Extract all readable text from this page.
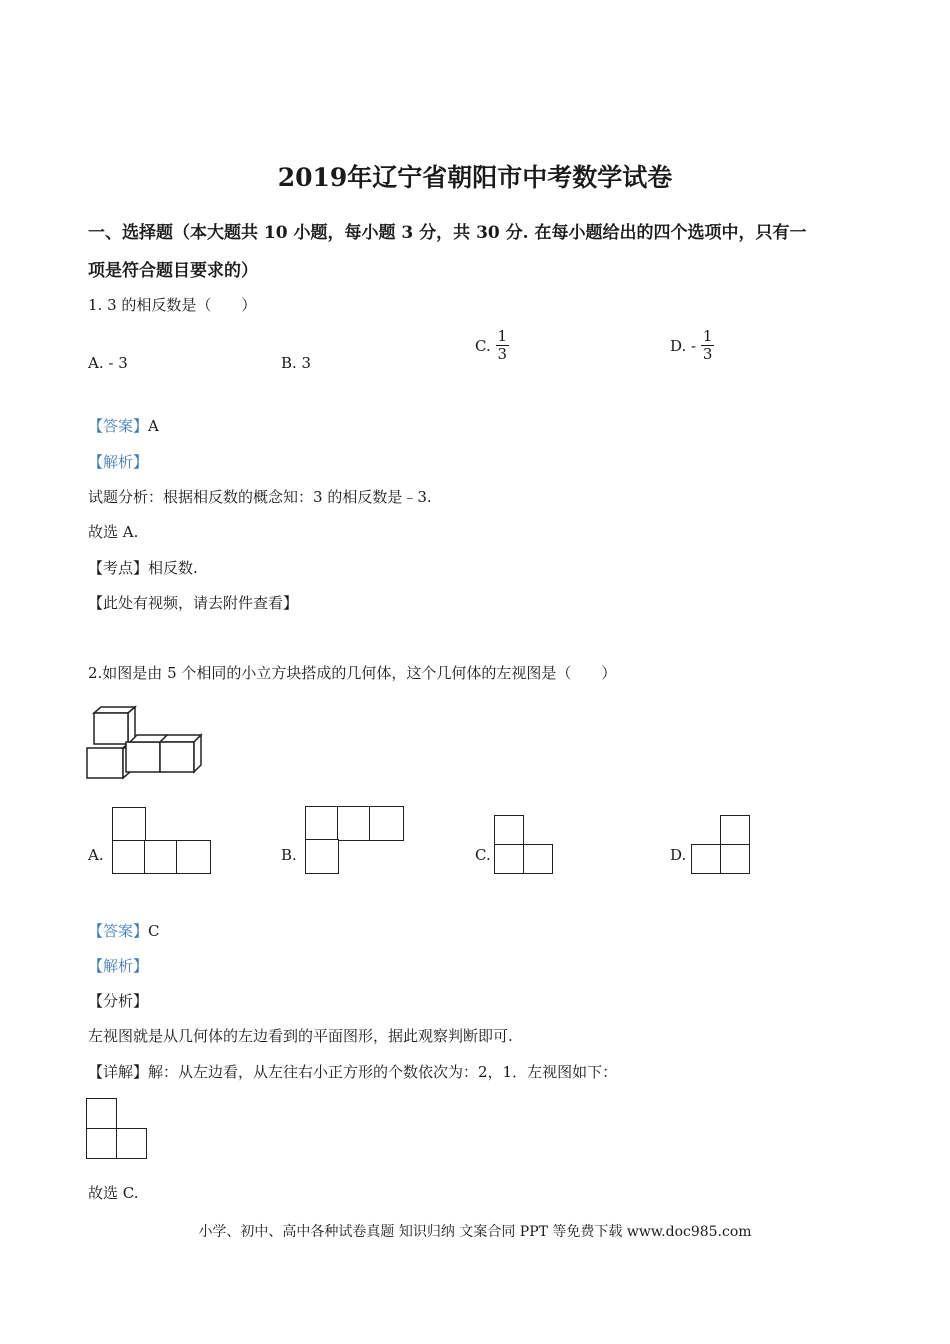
2019年辽宁省朝阳市中考数学试卷
一、选择题（本大题共 10 小题，每小题 3 分，共 30 分. 在每小题给出的四个选项中，只有一
项是符合题目要求的）
1. 3 的相反数是（　　）
A. - 3	B. 3
C. $\frac{1}{3}$	D. - $\frac{1}{3}$
【答案】A
【解析】
试题分析：根据相反数的概念知：3 的相反数是﹣3.
故选 A.
【考点】相反数.
【此处有视频，请去附件查看】
2.如图是由 5 个相同的小立方块搭成的几何体，这个几何体的左视图是（　　）
A.	B.	C.	D.
【答案】C
【解析】
【分析】
左视图就是从几何体的左边看到的平面图形，据此观察判断即可.
【详解】解：从左边看，从左往右小正方形的个数依次为：2，1．左视图如下：
故选 C.
小学、初中、高中各种试卷真题 知识归纳 文案合同 PPT 等免费下载 www.doc985.com
